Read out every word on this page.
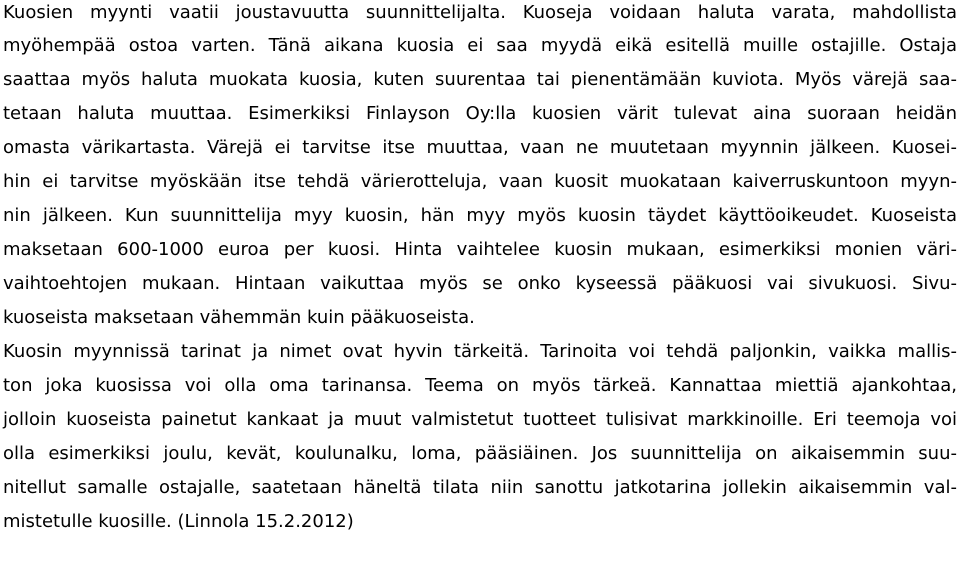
Kuosien myynti vaatii joustavuutta suunnittelijalta. Kuoseja voidaan haluta varata, mahdollista
myöhempää ostoa varten. Tänä aikana kuosia ei saa myydä eikä esitellä muille ostajille. Ostaja
saattaa myös haluta muokata kuosia, kuten suurentaa tai pienentämään kuviota. Myös värejä saa-
tetaan haluta muuttaa. Esimerkiksi Finlayson Oy:lla kuosien värit tulevat aina suoraan heidän
omasta värikartasta. Värejä ei tarvitse itse muuttaa, vaan ne muutetaan myynnin jälkeen. Kuosei-
hin ei tarvitse myöskään itse tehdä värierotteluja, vaan kuosit muokataan kaiverruskuntoon myyn-
nin jälkeen. Kun suunnittelija myy kuosin, hän myy myös kuosin täydet käyttöoikeudet. Kuoseista
maksetaan 600-1000 euroa per kuosi. Hinta vaihtelee kuosin mukaan, esimerkiksi monien väri-
vaihtoehtojen mukaan. Hintaan vaikuttaa myös se onko kyseessä pääkuosi vai sivukuosi. Sivu-
kuoseista maksetaan vähemmän kuin pääkuoseista.
Kuosin myynnissä tarinat ja nimet ovat hyvin tärkeitä. Tarinoita voi tehdä paljonkin, vaikka mallis-
ton joka kuosissa voi olla oma tarinansa. Teema on myös tärkeä. Kannattaa miettiä ajankohtaa,
jolloin kuoseista painetut kankaat ja muut valmistetut tuotteet tulisivat markkinoille. Eri teemoja voi
olla esimerkiksi joulu, kevät, koulunalku, loma, pääsiäinen. Jos suunnittelija on aikaisemmin suu-
nitellut samalle ostajalle, saatetaan häneltä tilata niin sanottu jatkotarina jollekin aikaisemmin val-
mistetulle kuosille. (Linnola 15.2.2012)
